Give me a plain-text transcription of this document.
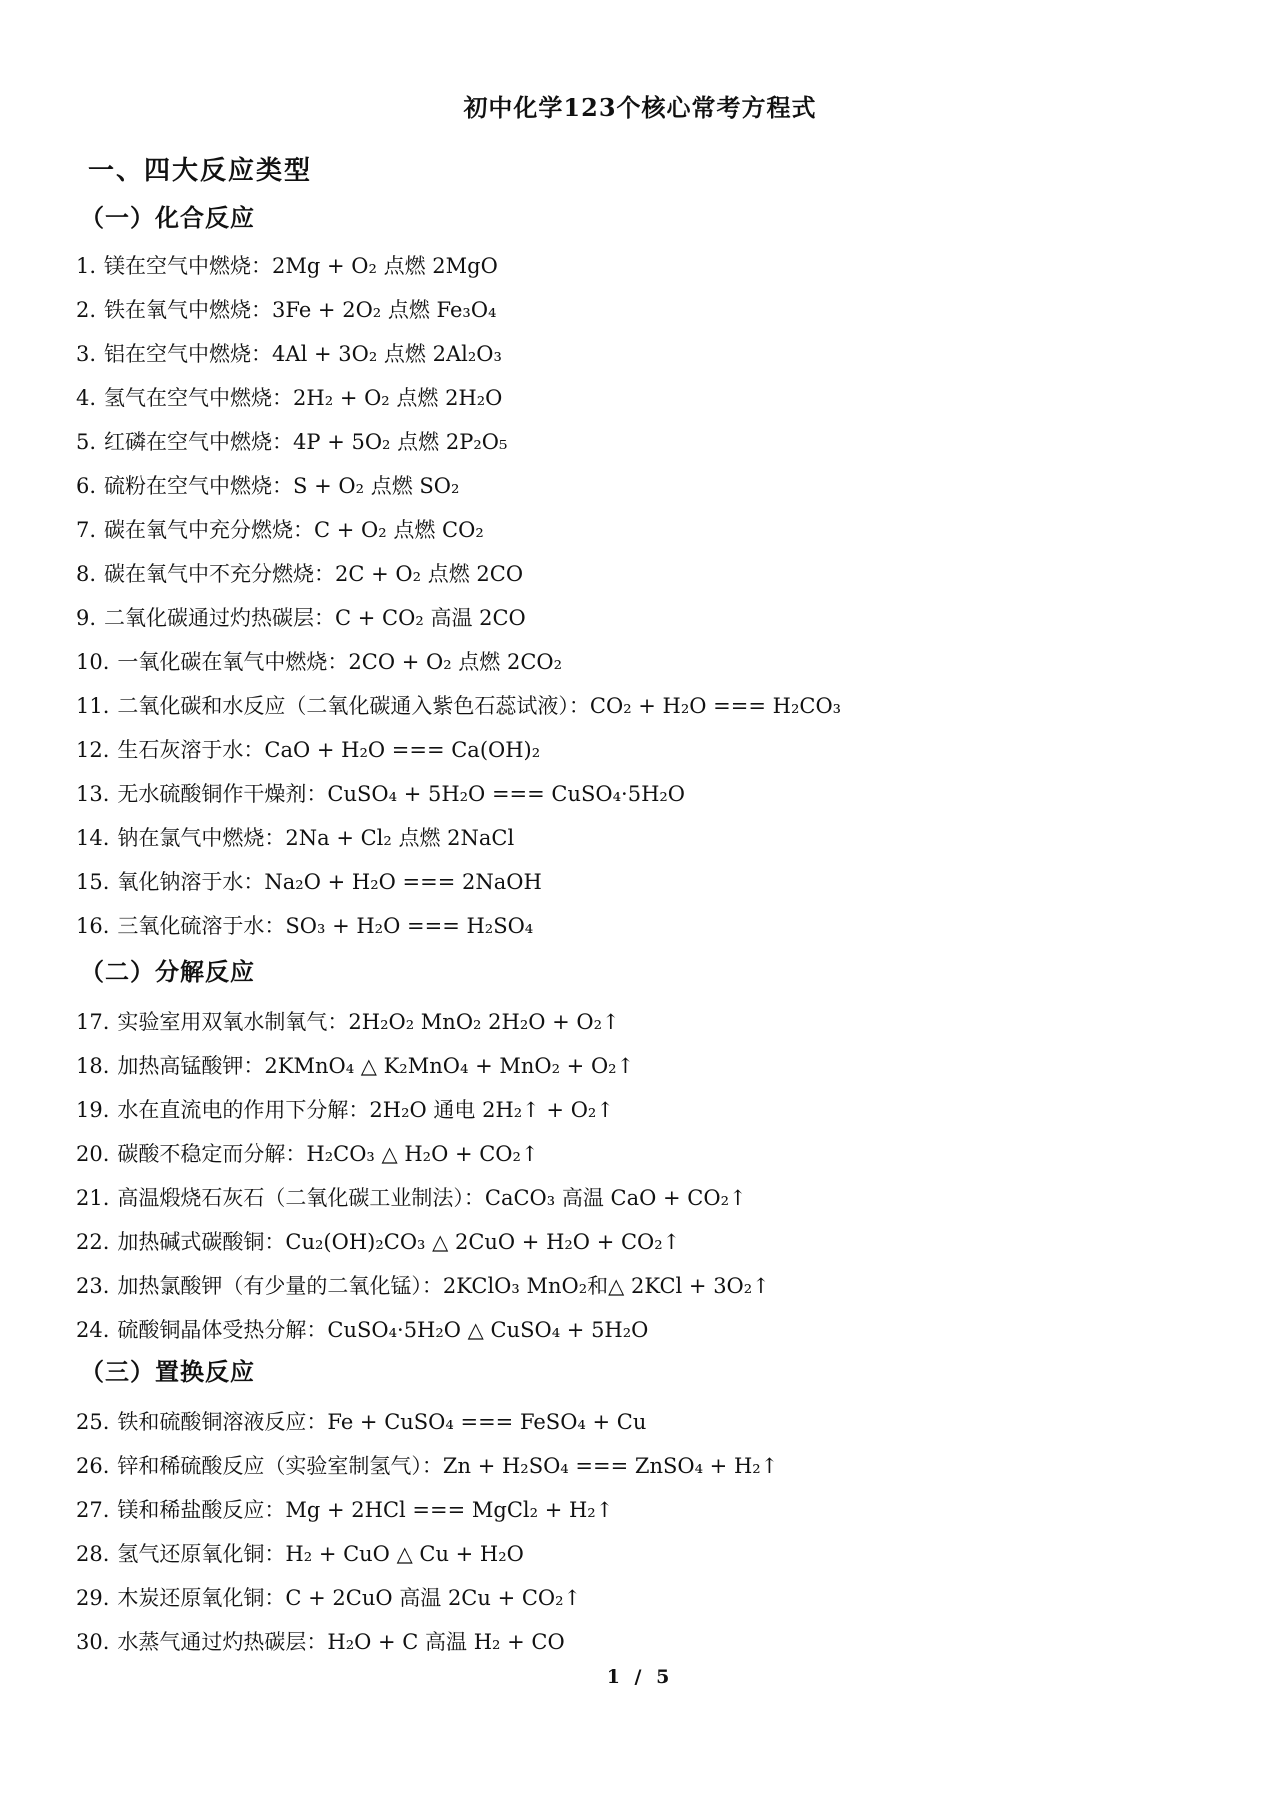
初中化学123个核心常考方程式
一、四大反应类型
（一）化合反应
1. 镁在空气中燃烧：2Mg + O₂ 点燃 2MgO
2. 铁在氧气中燃烧：3Fe + 2O₂ 点燃 Fe₃O₄
3. 铝在空气中燃烧：4Al + 3O₂ 点燃 2Al₂O₃
4. 氢气在空气中燃烧：2H₂ + O₂ 点燃 2H₂O
5. 红磷在空气中燃烧：4P + 5O₂ 点燃 2P₂O₅
6. 硫粉在空气中燃烧：S + O₂ 点燃 SO₂
7. 碳在氧气中充分燃烧：C + O₂ 点燃 CO₂
8. 碳在氧气中不充分燃烧：2C + O₂ 点燃 2CO
9. 二氧化碳通过灼热碳层：C + CO₂ 高温 2CO
10. 一氧化碳在氧气中燃烧：2CO + O₂ 点燃 2CO₂
11. 二氧化碳和水反应（二氧化碳通入紫色石蕊试液）：CO₂ + H₂O === H₂CO₃
12. 生石灰溶于水：CaO + H₂O === Ca(OH)₂
13. 无水硫酸铜作干燥剂：CuSO₄ + 5H₂O === CuSO₄·5H₂O
14. 钠在氯气中燃烧：2Na + Cl₂ 点燃 2NaCl
15. 氧化钠溶于水：Na₂O + H₂O === 2NaOH
16. 三氧化硫溶于水：SO₃ + H₂O === H₂SO₄
（二）分解反应
17. 实验室用双氧水制氧气：2H₂O₂ MnO₂ 2H₂O + O₂↑
18. 加热高锰酸钾：2KMnO₄ △ K₂MnO₄ + MnO₂ + O₂↑
19. 水在直流电的作用下分解：2H₂O 通电 2H₂↑ + O₂↑
20. 碳酸不稳定而分解：H₂CO₃ △ H₂O + CO₂↑
21. 高温煅烧石灰石（二氧化碳工业制法）：CaCO₃ 高温 CaO + CO₂↑
22. 加热碱式碳酸铜：Cu₂(OH)₂CO₃ △ 2CuO + H₂O + CO₂↑
23. 加热氯酸钾（有少量的二氧化锰）：2KClO₃ MnO₂和△ 2KCl + 3O₂↑
24. 硫酸铜晶体受热分解：CuSO₄·5H₂O △ CuSO₄ + 5H₂O
（三）置换反应
25. 铁和硫酸铜溶液反应：Fe + CuSO₄ === FeSO₄ + Cu
26. 锌和稀硫酸反应（实验室制氢气）：Zn + H₂SO₄ === ZnSO₄ + H₂↑
27. 镁和稀盐酸反应：Mg + 2HCl === MgCl₂ + H₂↑
28. 氢气还原氧化铜：H₂ + CuO △ Cu + H₂O
29. 木炭还原氧化铜：C + 2CuO 高温 2Cu + CO₂↑
30. 水蒸气通过灼热碳层：H₂O + C 高温 H₂ + CO
1 / 5
